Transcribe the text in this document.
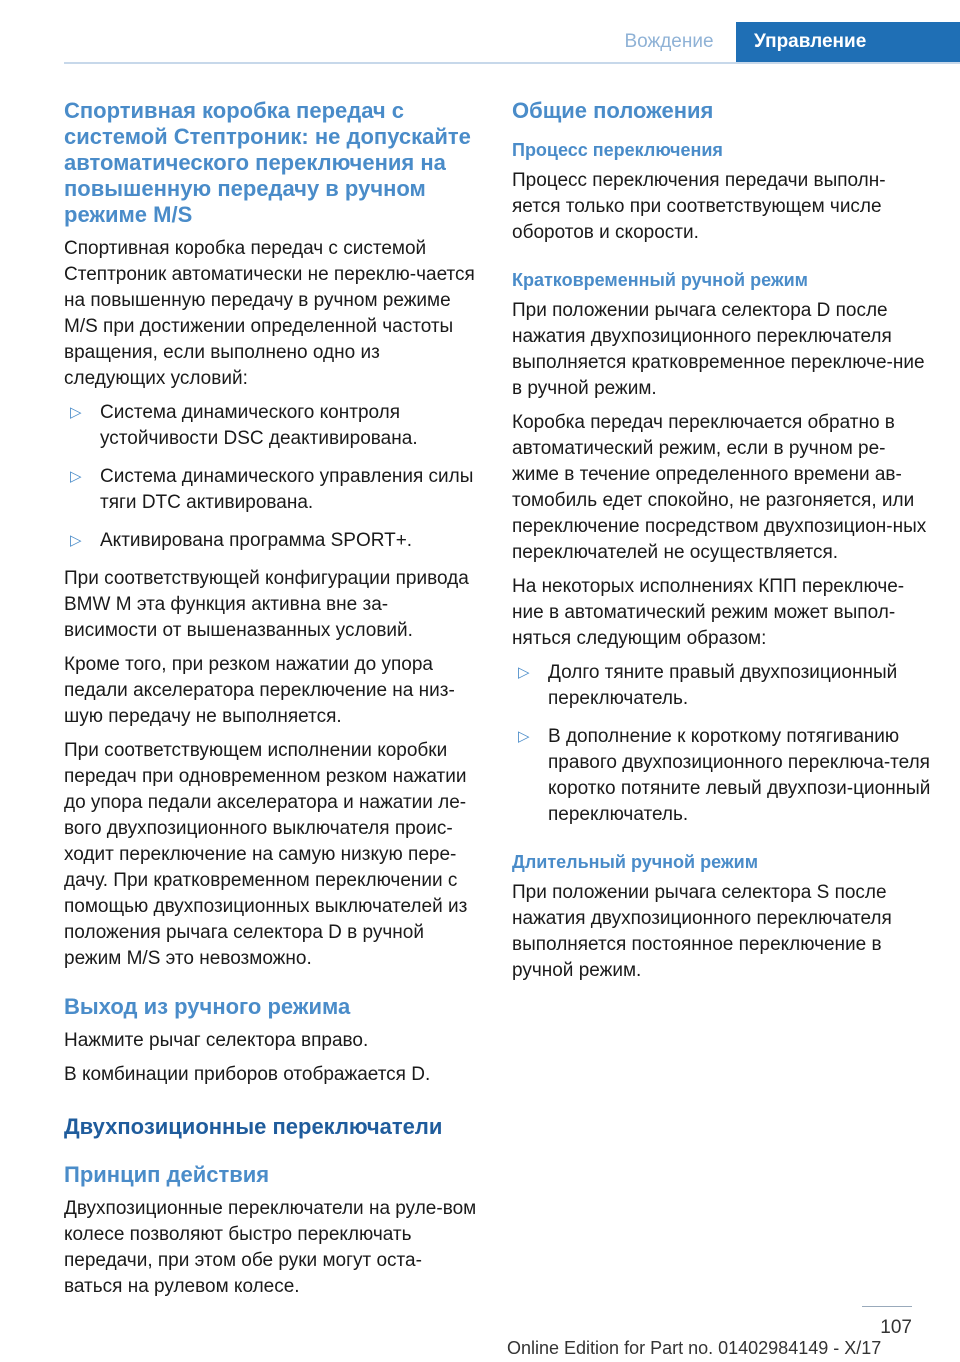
Вождение	Управление
Спортивная коробка передач с системой Стептроник: не допускайте автоматического переключения на повышенную передачу в ручном режиме M/S

Спортивная коробка передач с системой Стептроник автоматически не переклю-чается на повышенную передачу в ручном режиме M/S при достижении определенной частоты вращения, если выполнено одно из следующих условий:

▷ Система динамического контроля устойчивости DSC деактивирована.
▷ Система динамического управления силы тяги DTC активирована.
▷ Активирована программа SPORT+.

При соответствующей конфигурации привода BMW M эта функция активна вне за-висимости от вышеназванных условий.

Кроме того, при резком нажатии до упора педали акселератора переключение на низ-шую передачу не выполняется.

При соответствующем исполнении коробки передач при одновременном резком нажатии до упора педали акселератора и нажатии ле-вого двухпозиционного выключателя проис-ходит переключение на самую низкую пере-дачу. При кратковременном переключении с помощью двухпозиционных выключателей из положения рычага селектора D в ручной режим M/S это невозможно.

Выход из ручного режима

Нажмите рычаг селектора вправо.

В комбинации приборов отображается D.

Двухпозиционные переключатели
Принцип действия

Двухпозиционные переключатели на руле-вом колесе позволяют быстро переключать передачи, при этом обе руки могут оста-ваться на рулевом колесе.

Общие положения
Процесс переключения

Процесс переключения передачи выполн-яется только при соответствующем числе оборотов и скорости.

Кратковременный ручной режим

При положении рычага селектора D после нажатия двухпозиционного переключателя выполняется кратковременное переключе-ние в ручной режим.

Коробка передач переключается обратно в автоматический режим, если в ручном ре-жиме в течение определенного времени ав-томобиль едет спокойно, не разгоняется, или переключение посредством двухпозицион-ных переключателей не осуществляется.

На некоторых исполнениях КПП переключе-ние в автоматический режим может выпол-няться следующим образом:

▷ Долго тяните правый двухпозиционный переключатель.
▷ В дополнение к короткому потягиванию правого двухпозиционного переключа-теля коротко потяните левый двухпози-ционный переключатель.
Длительный ручной режим

При положении рычага селектора S после нажатия двухпозиционного переключателя выполняется постоянное переключение в ручной режим.

107
Online Edition for Part no. 01402984149 - X/17
